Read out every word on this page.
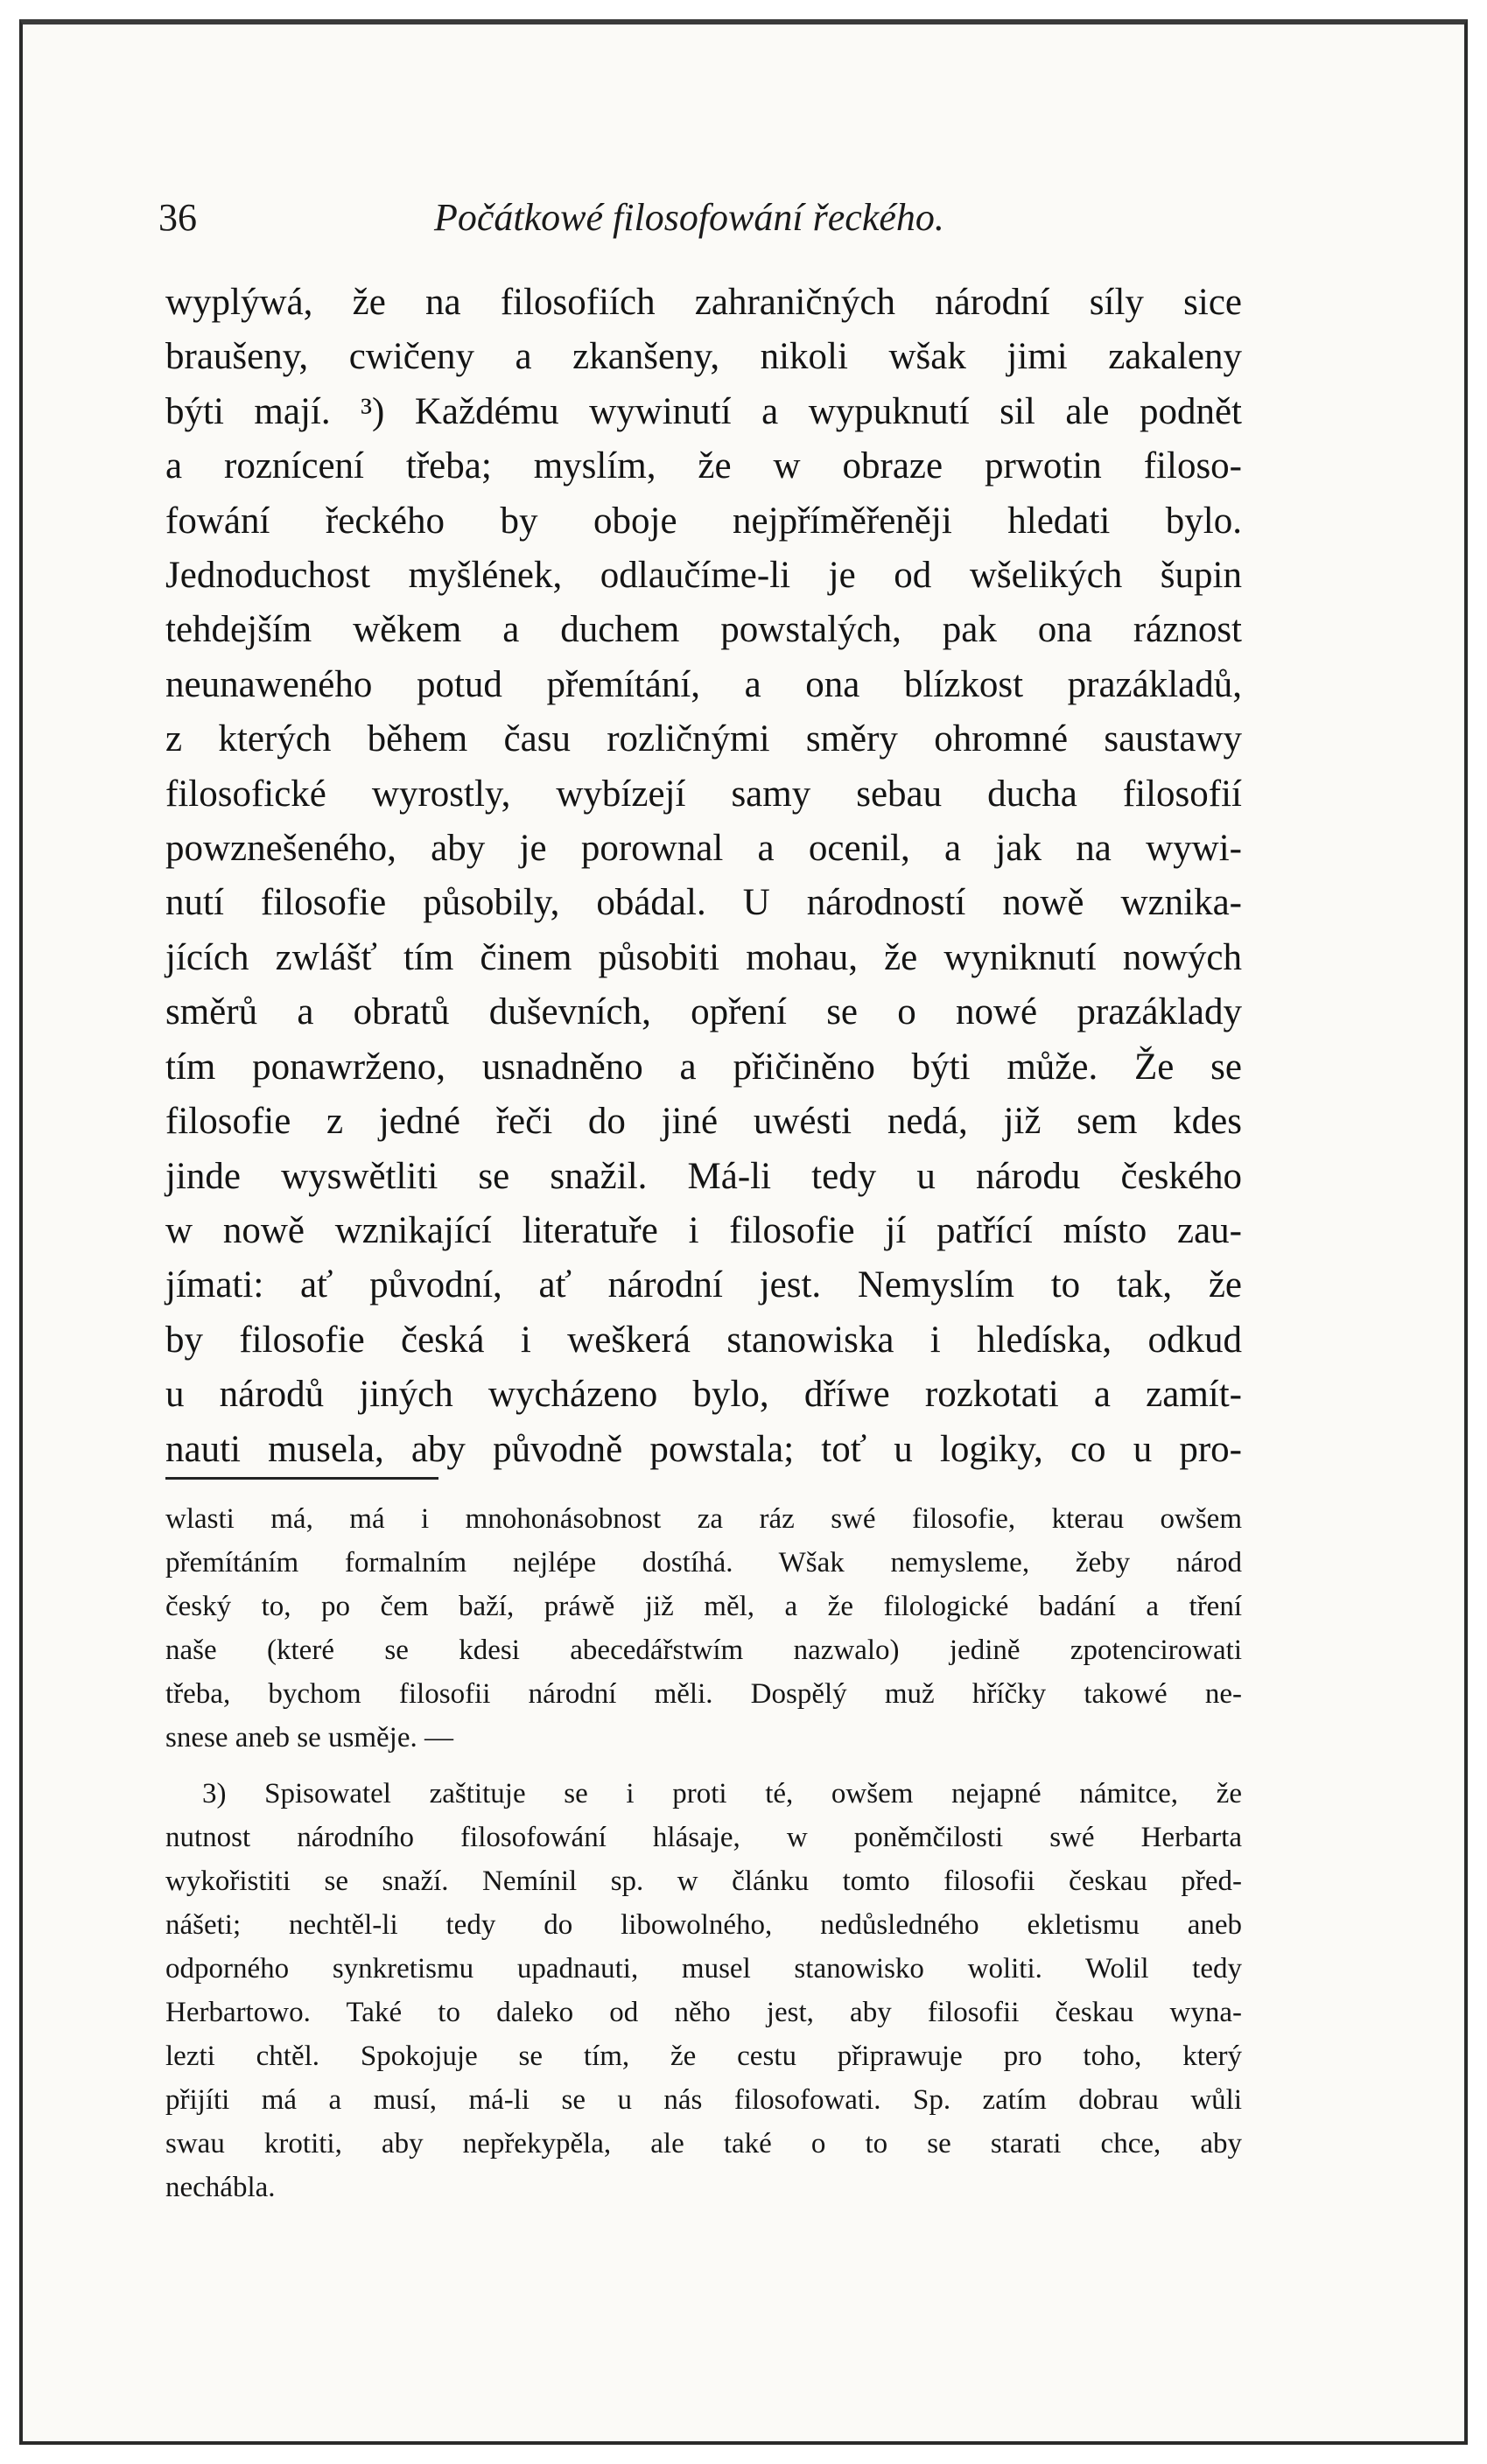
36	Počátkowé filosofowání řeckého.
wyplýwá, že na filosofiích zahraničných národní síly sice
braušeny, cwičeny a zkanšeny, nikoli wšak jimi zakaleny
býti mají. ³) Každému wywinutí a wypuknutí sil ale podnět
a roznícení třeba; myslím, že w obraze prwotin filoso-
fowání řeckého by oboje nejpříměřeněji hledati bylo.
Jednoduchost myšlének, odlaučíme-li je od wšelikých šupin
tehdejším wěkem a duchem powstalých, pak ona ráznost
neunaweného potud přemítání, a ona blízkost prazákladů,
z kterých během času rozličnými směry ohromné saustawy
filosofické wyrostly, wybízejí samy sebau ducha filosofií
powznešeného, aby je porownal a ocenil, a jak na wywi-
nutí filosofie působily, obádal. U národností nowě wznika-
jících zwlášť tím činem působiti mohau, že wyniknutí nowých
směrů a obratů duševních, opření se o nowé prazáklady
tím ponawrženo, usnadněno a přičiněno býti může. Že se
filosofie z jedné řeči do jiné uwésti nedá, již sem kdes
jinde wyswětliti se snažil. Má-li tedy u národu českého
w nowě wznikající literatuře i filosofie jí patřící místo zau-
jímati: ať původní, ať národní jest. Nemyslím to tak, že
by filosofie česká i weškerá stanowiska i hledíska, odkud
u národů jiných wycházeno bylo, dříwe rozkotati a zamít-
nauti musela, aby původně powstala; toť u logiky, co u pro-
wlasti má, má i mnohonásobnost za ráz swé filosofie, kterau owšem
přemítáním formalním nejlépe dostíhá. Wšak nemysleme, žeby národ
český to, po čem baží, práwě již měl, a že filologické badání a tření
naše (které se kdesi abecedářstwím nazwalo) jedině zpotencirowati
třeba, bychom filosofii národní měli. Dospělý muž hříčky takowé ne-
snese aneb se usměje. —
3) Spisowatel zaštituje se i proti té, owšem nejapné námitce, že
nutnost národního filosofowání hlásaje, w poněmčilosti swé Herbarta
wykořistiti se snaží. Nemínil sp. w článku tomto filosofii českau před-
nášeti; nechtěl-li tedy do libowolného, nedůsledného ekletismu aneb
odporného synkretismu upadnauti, musel stanowisko woliti. Wolil tedy
Herbartowo. Také to daleko od něho jest, aby filosofii českau wyna-
lezti chtěl. Spokojuje se tím, že cestu připrawuje pro toho, který
přijíti má a musí, má-li se u nás filosofowati. Sp. zatím dobrau wůli
swau krotiti, aby nepřekypěla, ale také o to se starati chce, aby
nechábla.
